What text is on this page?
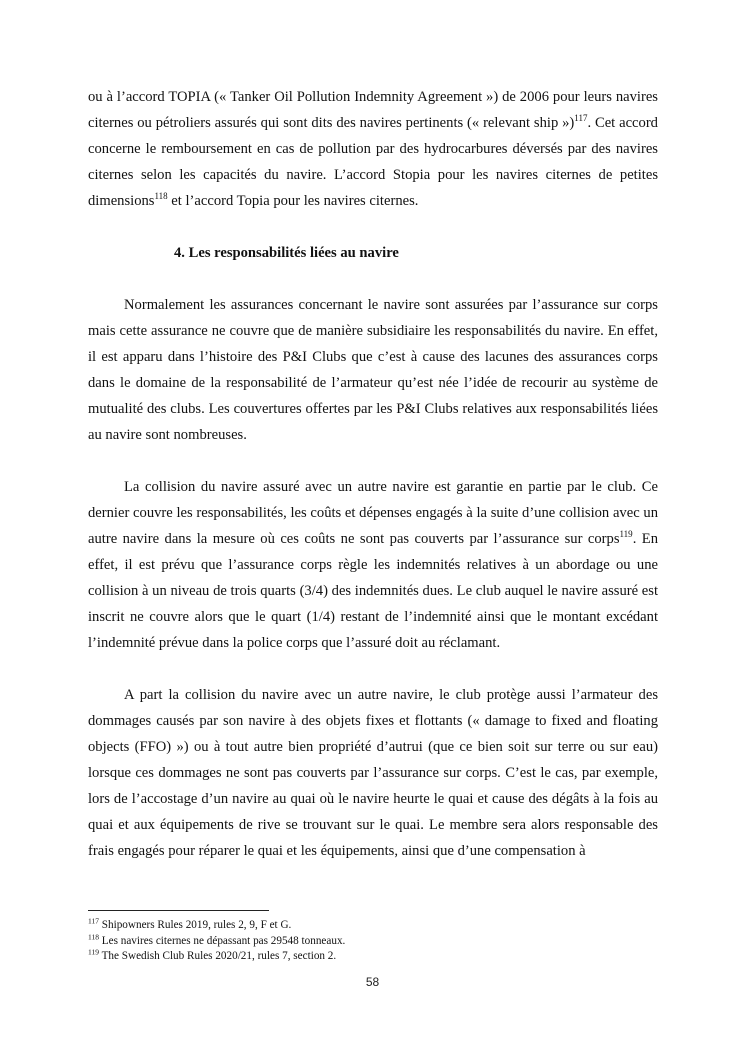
ou à l’accord TOPIA (« Tanker Oil Pollution Indemnity Agreement ») de 2006 pour leurs navires citernes ou pétroliers assurés qui sont dits des navires pertinents (« relevant ship »)$^{117}$. Cet accord concerne le remboursement en cas de pollution par des hydrocarbures déversés par des navires citernes selon les capacités du navire. L’accord Stopia pour les navires citernes de petites dimensions$^{118}$ et l’accord Topia pour les navires citernes.

4. Les responsabilités liées au navire

Normalement les assurances concernant le navire sont assurées par l’assurance sur corps mais cette assurance ne couvre que de manière subsidiaire les responsabilités du navire. En effet, il est apparu dans l’histoire des P&I Clubs que c’est à cause des lacunes des assurances corps dans le domaine de la responsabilité de l’armateur qu’est née l’idée de recourir au système de mutualité des clubs. Les couvertures offertes par les P&I Clubs relatives aux responsabilités liées au navire sont nombreuses.

La collision du navire assuré avec un autre navire est garantie en partie par le club. Ce dernier couvre les responsabilités, les coûts et dépenses engagés à la suite d’une collision avec un autre navire dans la mesure où ces coûts ne sont pas couverts par l’assurance sur corps$^{119}$. En effet, il est prévu que l’assurance corps règle les indemnités relatives à un abordage ou une collision à un niveau de trois quarts (3/4) des indemnités dues. Le club auquel le navire assuré est inscrit ne couvre alors que le quart (1/4) restant de l’indemnité ainsi que le montant excédant l’indemnité prévue dans la police corps que l’assuré doit au réclamant.

A part la collision du navire avec un autre navire, le club protège aussi l’armateur des dommages causés par son navire à des objets fixes et flottants (« damage to fixed and floating objects (FFO) ») ou à tout autre bien propriété d’autrui (que ce bien soit sur terre ou sur eau) lorsque ces dommages ne sont pas couverts par l’assurance sur corps. C’est le cas, par exemple, lors de l’accostage d’un navire au quai où le navire heurte le quai et cause des dégâts à la fois au quai et aux équipements de rive se trouvant sur le quai. Le membre sera alors responsable des frais engagés pour réparer le quai et les équipements, ainsi que d’une compensation à

$^{117}$ Shipowners Rules 2019, rules 2, 9, F et G.
$^{118}$ Les navires citernes ne dépassant pas 29548 tonneaux.
$^{119}$ The Swedish Club Rules 2020/21, rules 7, section 2.
58
